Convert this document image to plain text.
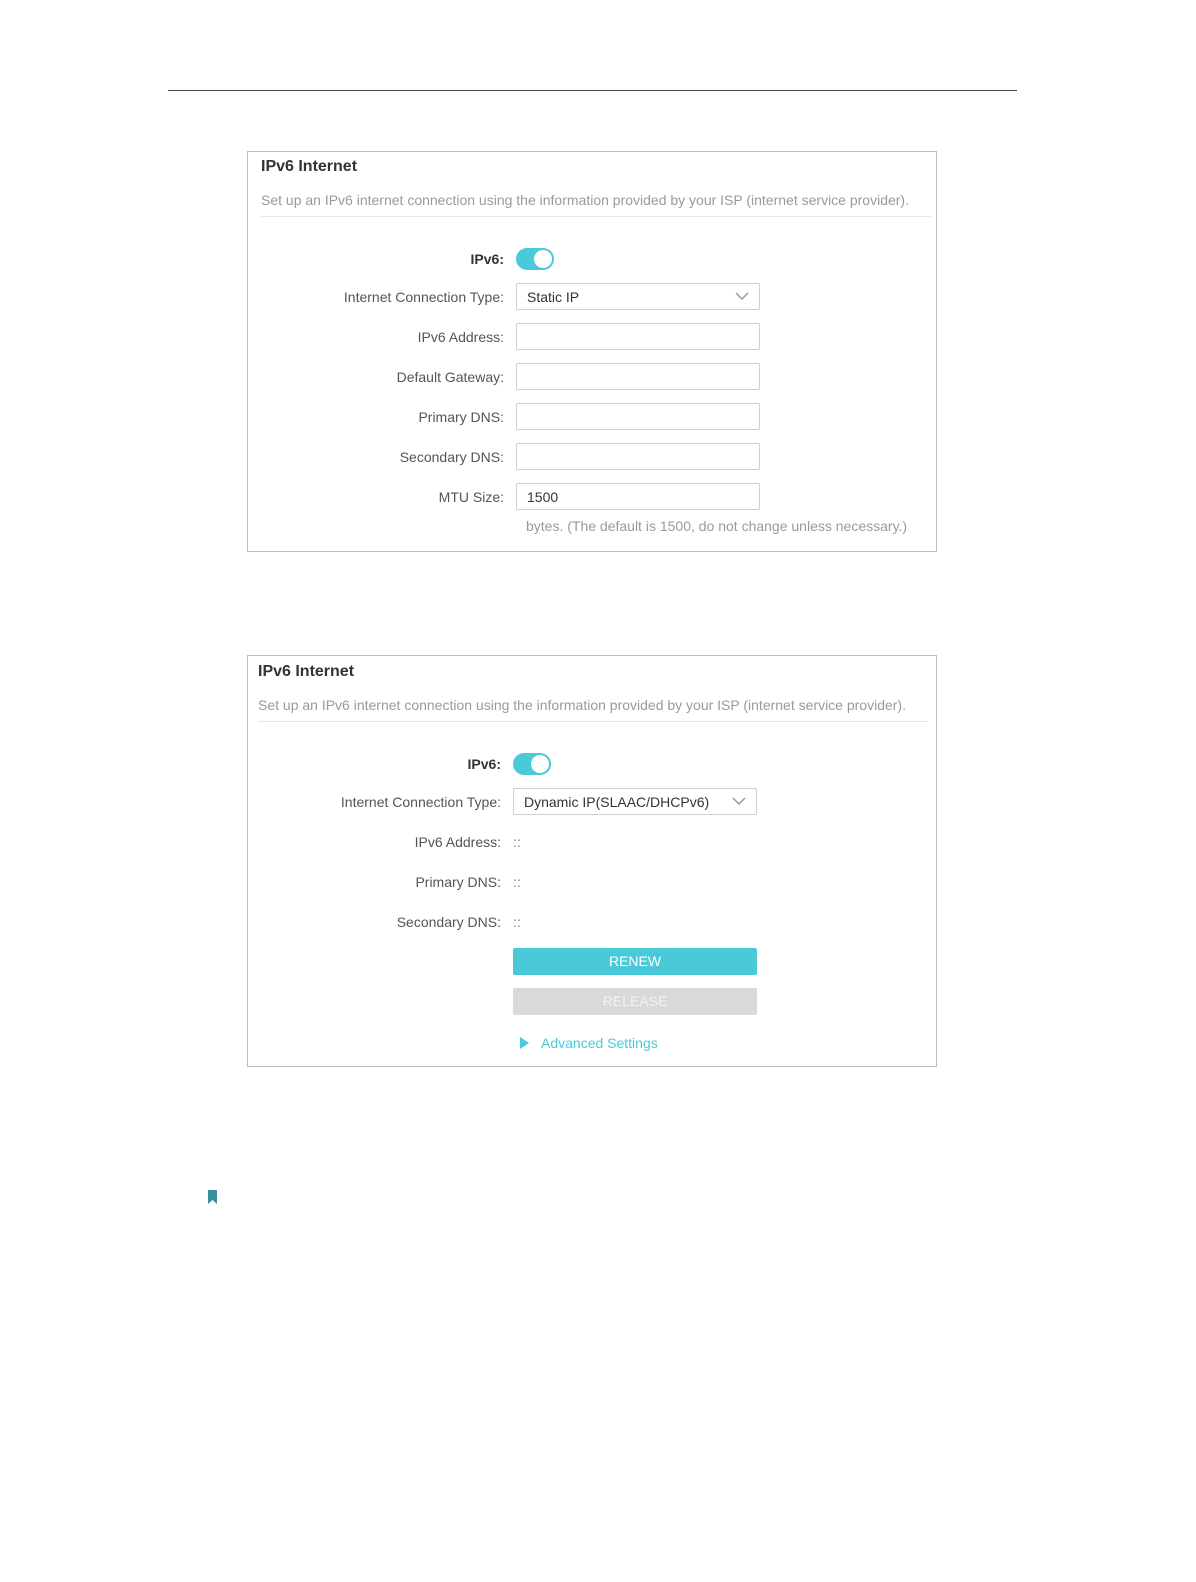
IPv6 Internet
Set up an IPv6 internet connection using the information provided by your ISP (internet service provider).
IPv6:
Internet Connection Type: Static IP
IPv6 Address:
Default Gateway:
Primary DNS:
Secondary DNS:
MTU Size:
1500
bytes. (The default is 1500, do not change unless necessary.)
IPv6 Internet
Set up an IPv6 internet connection using the information provided by your ISP (internet service provider).
IPv6:
Internet Connection Type: Dynamic IP(SLAAC/DHCPv6)
IPv6 Address: ::
Primary DNS: ::
Secondary DNS: ::
RENEW
RELEASE
Advanced Settings
